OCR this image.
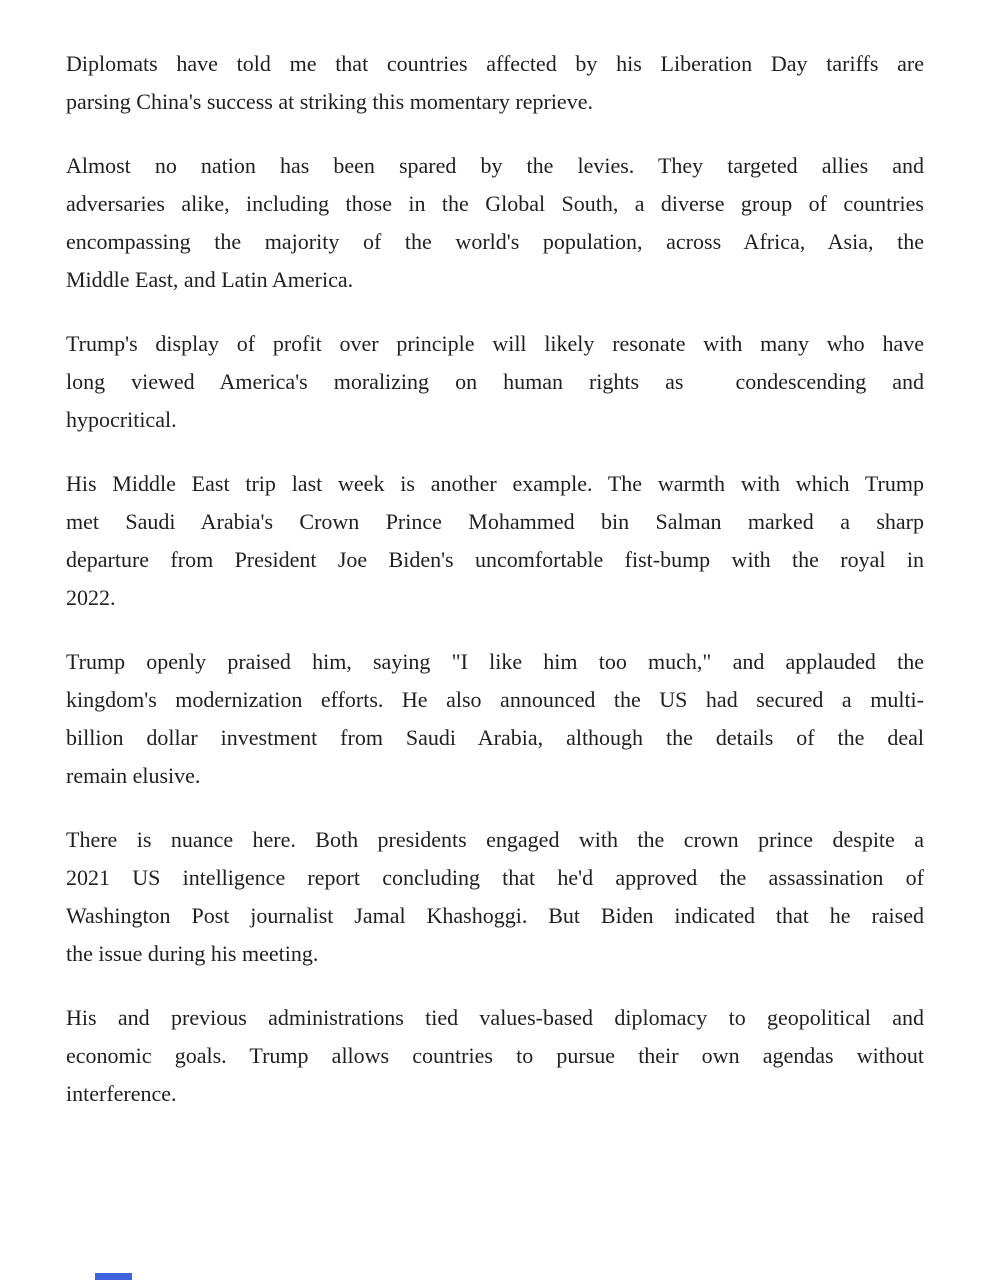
Diplomats have told me that countries affected by his Liberation Day tariffs are
parsing China's success at striking this momentary reprieve.

Almost no nation has been spared by the levies. They targeted allies and
adversaries alike, including those in the Global South, a diverse group of countries
encompassing the majority of the world's population, across Africa, Asia, the
Middle East, and Latin America.

Trump's display of profit over principle will likely resonate with many who have
long viewed America's moralizing on human rights as  condescending and
hypocritical.

His Middle East trip last week is another example. The warmth with which Trump
met Saudi Arabia's Crown Prince Mohammed bin Salman marked a sharp
departure from President Joe Biden's uncomfortable fist-bump with the royal in
2022.

Trump openly praised him, saying "I like him too much," and applauded the
kingdom's modernization efforts. He also announced the US had secured a multi-
billion dollar investment from Saudi Arabia, although the details of the deal
remain elusive.

There is nuance here. Both presidents engaged with the crown prince despite a
2021 US intelligence report concluding that he'd approved the assassination of
Washington Post journalist Jamal Khashoggi. But Biden indicated that he raised
the issue during his meeting.

His and previous administrations tied values-based diplomacy to geopolitical and
economic goals. Trump allows countries to pursue their own agendas without
interference.
